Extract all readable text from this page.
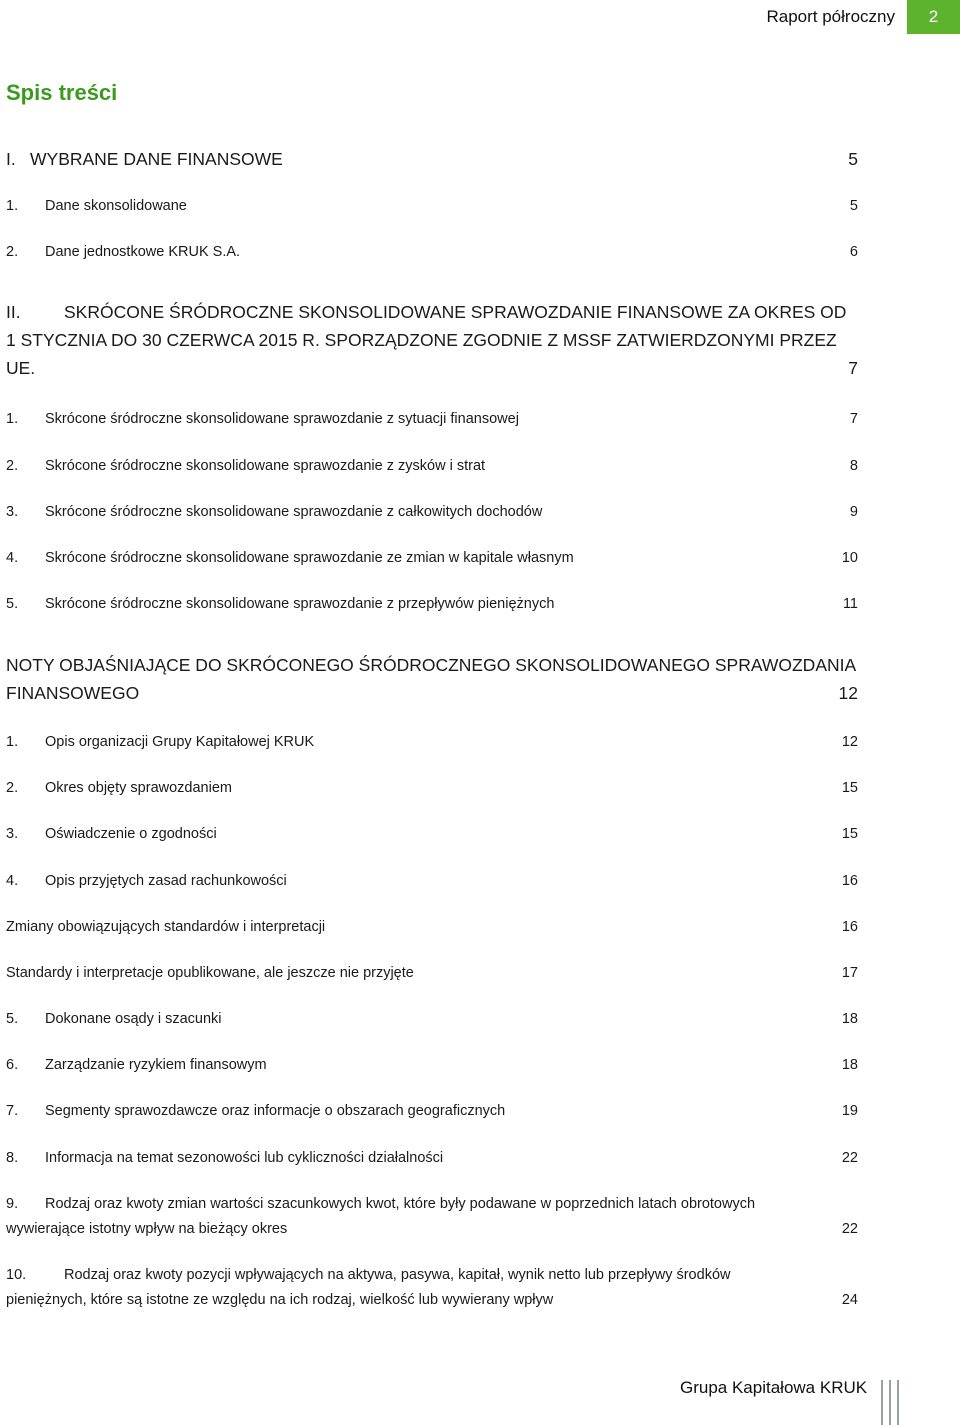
Raport półroczny	2
Spis treści
I. WYBRANE DANE FINANSOWE .....	5
1.	Dane skonsolidowane .....	5
2.	Dane jednostkowe KRUK S.A. .....	6
II.	SKRÓCONE ŚRÓDROCZNE SKONSOLIDOWANE SPRAWOZDANIE FINANSOWE ZA OKRES OD
1 STYCZNIA DO 30 CZERWCA 2015 R. SPORZĄDZONE ZGODNIE Z MSSF ZATWIERDZONYMI PRZEZ
UE. .....	7
1.	Skrócone śródroczne skonsolidowane sprawozdanie z sytuacji finansowej .....	7
2.	Skrócone śródroczne skonsolidowane sprawozdanie z zysków i strat .....	8
3.	Skrócone śródroczne skonsolidowane sprawozdanie z całkowitych dochodów .....	9
4.	Skrócone śródroczne skonsolidowane sprawozdanie ze zmian w kapitale własnym .....	10
5.	Skrócone śródroczne skonsolidowane sprawozdanie z przepływów pieniężnych .....	11
NOTY OBJAŚNIAJĄCE DO SKRÓCONEGO ŚRÓDROCZNEGO SKONSOLIDOWANEGO SPRAWOZDANIA
FINANSOWEGO .....	12
1.	Opis organizacji Grupy Kapitałowej KRUK .....	12
2.	Okres objęty sprawozdaniem .....	15
3.	Oświadczenie o zgodności .....	15
4.	Opis przyjętych zasad rachunkowości .....	16
Zmiany obowiązujących standardów i interpretacji .....	16
Standardy i interpretacje opublikowane, ale jeszcze nie przyjęte .....	17
5.	Dokonane osądy i szacunki .....	18
6.	Zarządzanie ryzykiem finansowym .....	18
7.	Segmenty sprawozdawcze oraz informacje o obszarach geograficznych .....	19
8.	Informacja na temat sezonowości lub cykliczności działalności .....	22
9.	Rodzaj oraz kwoty zmian wartości szacunkowych kwot, które były podawane w poprzednich latach obrotowych
wywierające istotny wpływ na bieżący okres .....	22
10.	Rodzaj oraz kwoty pozycji wpływających na aktywa, pasywa, kapitał, wynik netto lub przepływy środków
pieniężnych, które są istotne ze względu na ich rodzaj, wielkość lub wywierany wpływ .....	24
Grupa Kapitałowa KRUK
